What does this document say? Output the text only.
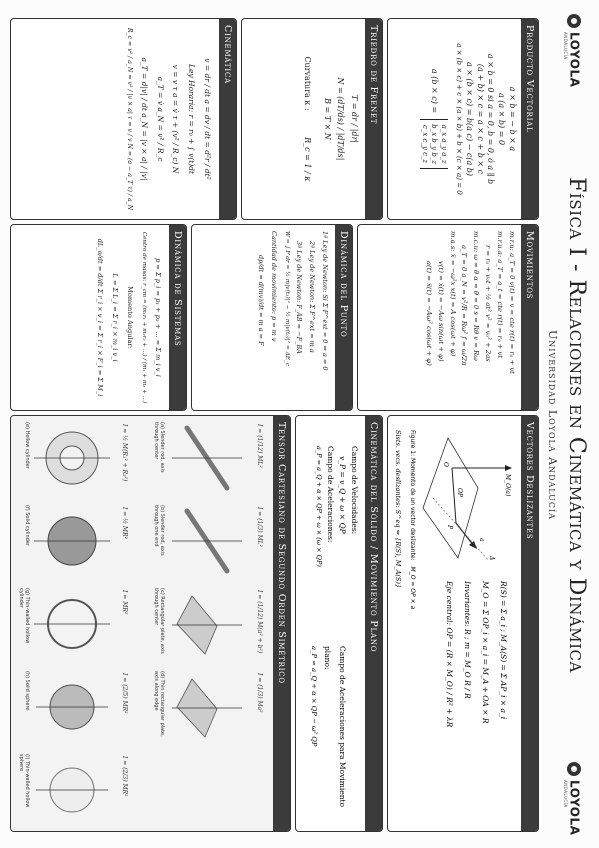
LOYOLA
ANDALUCÍA
LOYOLA
ANDALUCÍA
Física I - Relaciones en Cinemática y Dinámica
Universidad Loyola Andalucía
Producto Vectorial
a × b = − b × a
a (a × b) = 0
a × b = 0 si a = 0, b = 0, ó a ∥ b
(a + b) × c = a × c + b × c
a × (b × c) = b(a c) − c(a b)
a × (b × c) + c × (a × b) + b × (c × a) = 0
a (b × c) =
a_x a_y a_z
b_x b_y b_z
c_x c_y c_z
Triedro de Frenet
T = dr / |dr|
N = (dT/ds) / |dT/ds|
B = T × N
Curvatura κ : R_c = 1 / κ
Cinemática
v = dr / dt a = dv / dt = d²r / dt²
Ley Horaria: r = r₀ + ∫ v(t)dt
v = v τ a = v̇ τ + (v² / R_c) N
a_T = v̇ a_N = v² / R_c
a_T = d|v| / dt a_N = |v × a| / |v|
R_c = v² / a_N = v³ / |v × a| τ = v / v N = (a − a_T τ) / a_N
Movimientos
m.r.u: a_T = 0 v(t) = v = cte r(t) = r₀ + vt
m.r.u.a: a_T = a_t = cte r(t) = r₀ + vt
r = r₀ + v₀t + ½ at² v² = v₀² + 2as
m.c.u: ω = θ̇ α = θ̈ = 0 s = Rθ v = Rω
a_T = 0 a_N = v²/R = Rω² f = ω/2π
m.a.s: ẍ = −ω²x x(t) = A cos(ωt + φ)
v(t) = ẋ(t) = −Aω sin(ωt + φ)
a(t) = ẍ(t) = −Aω² cos(ωt + φ)
Dinámica del Punto
1ª Ley de Newton: Si Σ F^ext = 0 ⇒ a = 0
2ª Ley de Newton: Σ F^ext = m a
3ª Ley de Newton: F_AB = −F_BA
W = ∫ F dr = ½ m|v(t₁)|² − ½ m|v(t₀)|² = ΔE_c
Cantidad de movimiento: p = m v
dp/dt = d(mv)/dt = m a = F
Dinámica de Sistemas
p = Σ p_i = p₁ + p₂ + ... = Σ m_i v_i
Centro de masas: r_cm = (m₁r₁ + m₂r₂ + ...) / (m₁ + m₂ + ...)
Momento Angular:
L = Σ L_i = Σ r_i × m_i v_i
dL_o/dt = d/dt Σ r_i × v_i = Σ r_i × F_i = Σ M_i
Vectores Deslizantes
M_O(a)
O
OP
P
a
Δ
Figure 1: Momento de un vector deslizante: M_O = OP × a
Sists. vecs. deslizantes: S^eq ⇔ {R(S), M_A(S)}
R(S) = Σ a_i ; M_A(S) = Σ AP_i × a_i
M_O = Σ OP_i × a_i = M_A + OA × R
Invariantes: R ; m = M_O R / R
Eje central: OP = (R × M_O) / R² + λR
Cinemática del Sólido / Movimiento Plano
Campo de Velocidades:
v_P = v_Q + ω × QP
Campo de Aceleraciones:
a_P = a_Q + α × QP + ω × (ω × QP)
Campo de Aceleraciones para Movimiento plano:
a_P = a_Q + α × QP − ω² QP
Tensor Cartesiano de Segundo Orden Simétrico
I = (1/12) ML²
(a) Slender rod, axis through center
I = (1/3) ML²
(b) Slender rod, axis through one end
I = (1/12) M(a² + b²)
(c) Rectangular plate, axis through center
I = (1/3) Ma²
(d) Thin rectangular plate, axis along edge
I = ½ M(R₁² + R₂²)
(e) Hollow cylinder
I = ½ MR²
(f) Solid cylinder
I = MR²
(g) Thin-walled hollow cylinder
I = (2/5) MR²
(h) Solid sphere
I = (2/3) MR²
(i) Thin-walled hollow sphere
